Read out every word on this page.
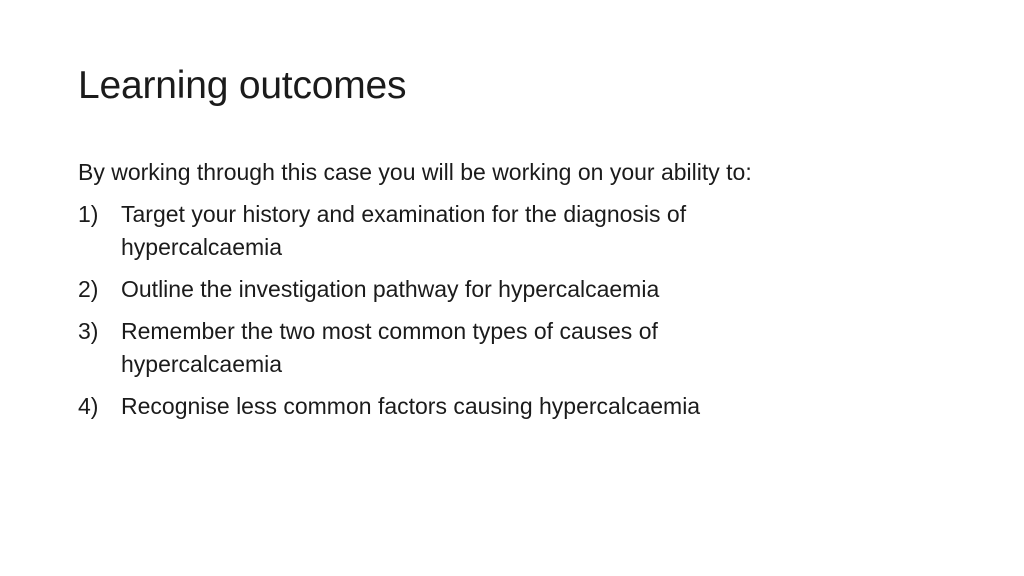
Learning outcomes

By working through this case you will be working on your ability to:

1) Target your history and examination for the diagnosis of hypercalcaemia
2) Outline the investigation pathway for hypercalcaemia
3) Remember the two most common types of causes of hypercalcaemia
4) Recognise less common factors causing hypercalcaemia
